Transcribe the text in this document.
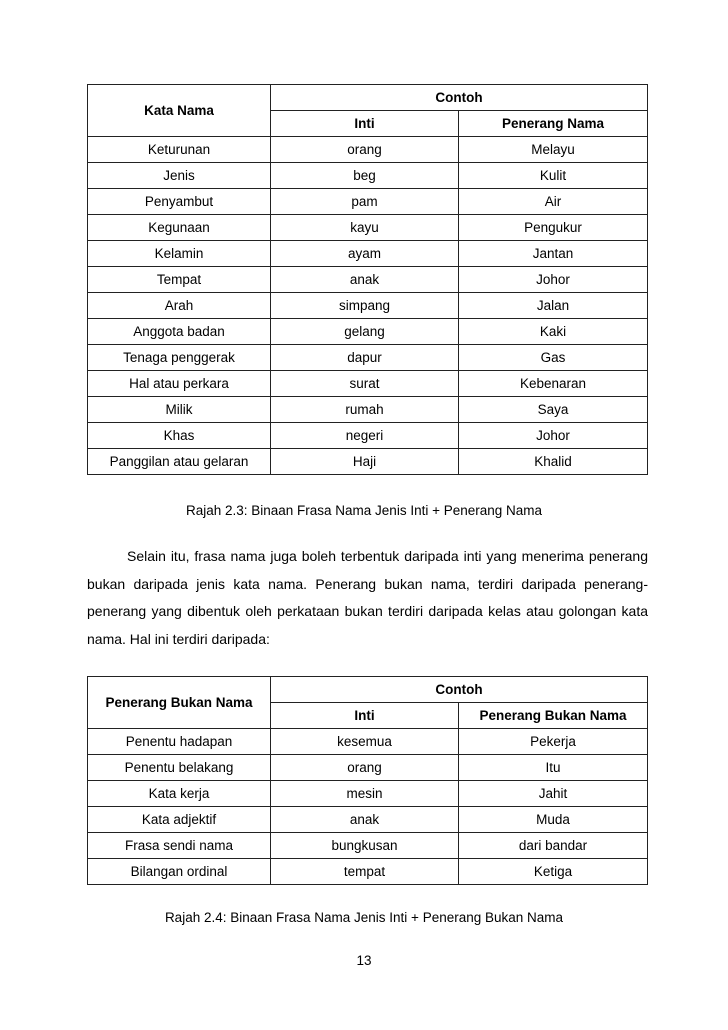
Kata Nama	Contoh	
	Inti	Penerang Nama
Keturunan	orang	Melayu
Jenis	beg	Kulit
Penyambut	pam	Air
Kegunaan	kayu	Pengukur
Kelamin	ayam	Jantan
Tempat	anak	Johor
Arah	simpang	Jalan
Anggota badan	gelang	Kaki
Tenaga penggerak	dapur	Gas
Hal atau perkara	surat	Kebenaran
Milik	rumah	Saya
Khas	negeri	Johor
Panggilan atau gelaran	Haji	Khalid
Rajah 2.3: Binaan Frasa Nama Jenis Inti + Penerang Nama
Selain itu, frasa nama juga boleh terbentuk daripada inti yang menerima penerang bukan daripada jenis kata nama. Penerang bukan nama, terdiri daripada penerang-penerang yang dibentuk oleh perkataan bukan terdiri daripada kelas atau golongan kata nama. Hal ini terdiri daripada:
Penerang Bukan Nama	Contoh	
	Inti	Penerang Bukan Nama
Penentu hadapan	kesemua	Pekerja
Penentu belakang	orang	Itu
Kata kerja	mesin	Jahit
Kata adjektif	anak	Muda
Frasa sendi nama	bungkusan	dari bandar
Bilangan ordinal	tempat	Ketiga
Rajah 2.4: Binaan Frasa Nama Jenis Inti + Penerang Bukan Nama
13
